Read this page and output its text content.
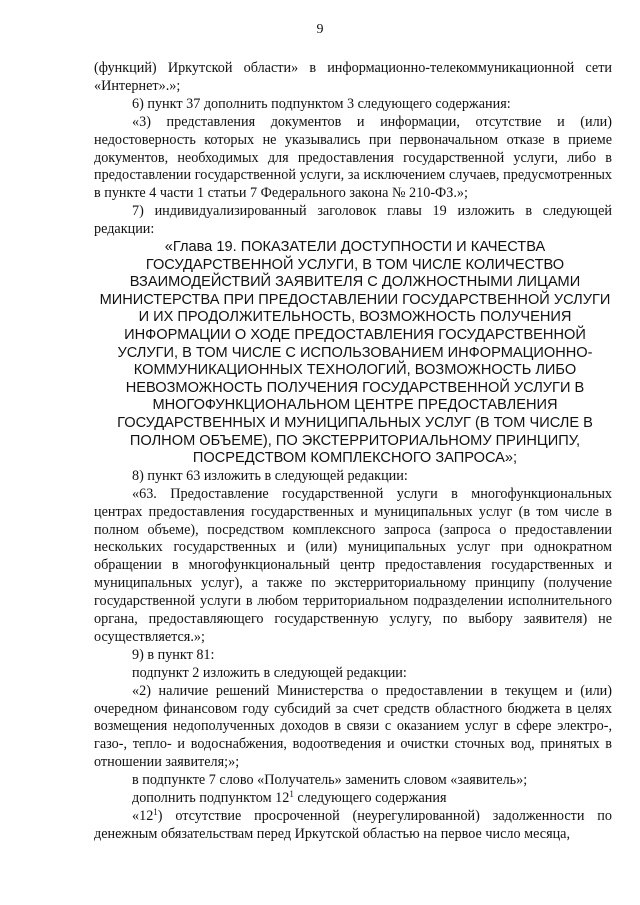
9

(функций) Иркутской области» в информационно-телекоммуникационной сети «Интернет».»;

6) пункт 37 дополнить подпунктом 3 следующего содержания:

«3) представления документов и информации, отсутствие и (или) недостоверность которых не указывались при первоначальном отказе в приеме документов, необходимых для предоставления государственной услуги, либо в предоставлении государственной услуги, за исключением случаев, предусмотренных в пункте 4 части 1 статьи 7 Федерального закона № 210-ФЗ.»;

7) индивидуализированный заголовок главы 19 изложить в следующей редакции:

«Глава 19. ПОКАЗАТЕЛИ ДОСТУПНОСТИ И КАЧЕСТВА ГОСУДАРСТВЕННОЙ УСЛУГИ, В ТОМ ЧИСЛЕ КОЛИЧЕСТВО ВЗАИМОДЕЙСТВИЙ ЗАЯВИТЕЛЯ С ДОЛЖНОСТНЫМИ ЛИЦАМИ МИНИСТЕРСТВА ПРИ ПРЕДОСТАВЛЕНИИ ГОСУДАРСТВЕННОЙ УСЛУГИ И ИХ ПРОДОЛЖИТЕЛЬНОСТЬ, ВОЗМОЖНОСТЬ ПОЛУЧЕНИЯ ИНФОРМАЦИИ О ХОДЕ ПРЕДОСТАВЛЕНИЯ ГОСУДАРСТВЕННОЙ УСЛУГИ, В ТОМ ЧИСЛЕ С ИСПОЛЬЗОВАНИЕМ ИНФОРМАЦИОННО-КОММУНИКАЦИОННЫХ ТЕХНОЛОГИЙ, ВОЗМОЖНОСТЬ ЛИБО НЕВОЗМОЖНОСТЬ ПОЛУЧЕНИЯ ГОСУДАРСТВЕННОЙ УСЛУГИ В МНОГОФУНКЦИОНАЛЬНОМ ЦЕНТРЕ ПРЕДОСТАВЛЕНИЯ ГОСУДАРСТВЕННЫХ И МУНИЦИПАЛЬНЫХ УСЛУГ (В ТОМ ЧИСЛЕ В ПОЛНОМ ОБЪЕМЕ), ПО ЭКСТЕРРИТОРИАЛЬНОМУ ПРИНЦИПУ, ПОСРЕДСТВОМ КОМПЛЕКСНОГО ЗАПРОСА»;

8) пункт 63 изложить в следующей редакции:

«63. Предоставление государственной услуги в многофункциональных центрах предоставления государственных и муниципальных услуг (в том числе в полном объеме), посредством комплексного запроса (запроса о предоставлении нескольких государственных и (или) муниципальных услуг при однократном обращении в многофункциональный центр предоставления государственных и муниципальных услуг), а также по экстерриториальному принципу (получение государственной услуги в любом территориальном подразделении исполнительного органа, предоставляющего государственную услугу, по выбору заявителя) не осуществляется.»;

9) в пункт 81:

подпункт 2 изложить в следующей редакции:

«2) наличие решений Министерства о предоставлении в текущем и (или) очередном финансовом году субсидий за счет средств областного бюджета в целях возмещения недополученных доходов в связи с оказанием услуг в сфере электро-, газо-, тепло- и водоснабжения, водоотведения и очистки сточных вод, принятых в отношении заявителя;»;

в подпункте 7 слово «Получатель» заменить словом «заявитель»;

дополнить подпунктом $12^1$ следующего содержания

«$12^1$) отсутствие просроченной (неурегулированной) задолженности по денежным обязательствам перед Иркутской областью на первое число месяца,
